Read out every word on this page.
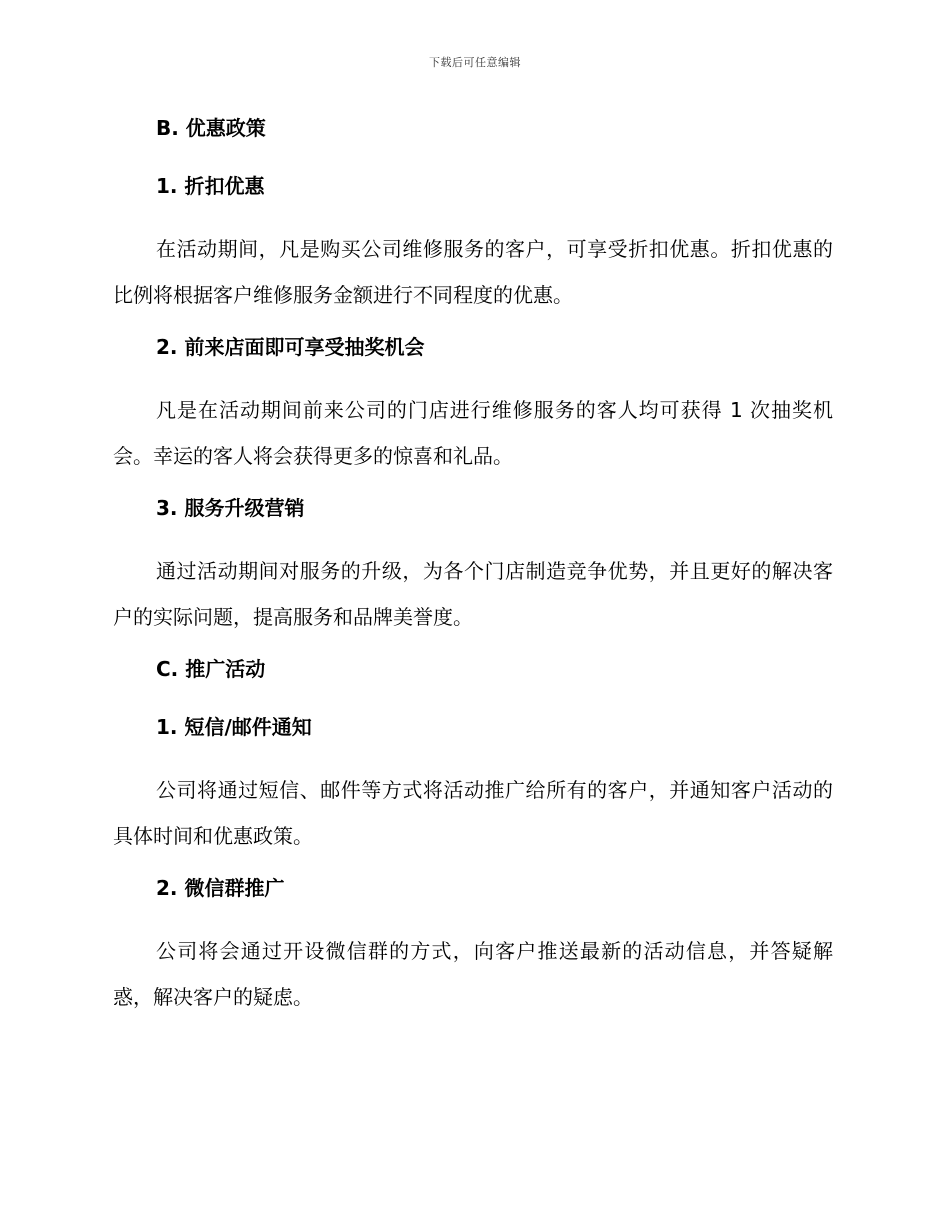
下载后可任意编辑
B. 优惠政策
1. 折扣优惠
在活动期间，凡是购买公司维修服务的客户，可享受折扣优惠。折扣优惠的比例将根据客户维修服务金额进行不同程度的优惠。
2. 前来店面即可享受抽奖机会
凡是在活动期间前来公司的门店进行维修服务的客人均可获得 1 次抽奖机会。幸运的客人将会获得更多的惊喜和礼品。
3. 服务升级营销
通过活动期间对服务的升级，为各个门店制造竞争优势，并且更好的解决客户的实际问题，提高服务和品牌美誉度。
C. 推广活动
1. 短信/邮件通知
公司将通过短信、邮件等方式将活动推广给所有的客户，并通知客户活动的具体时间和优惠政策。
2. 微信群推广
公司将会通过开设微信群的方式，向客户推送最新的活动信息，并答疑解惑，解决客户的疑虑。
